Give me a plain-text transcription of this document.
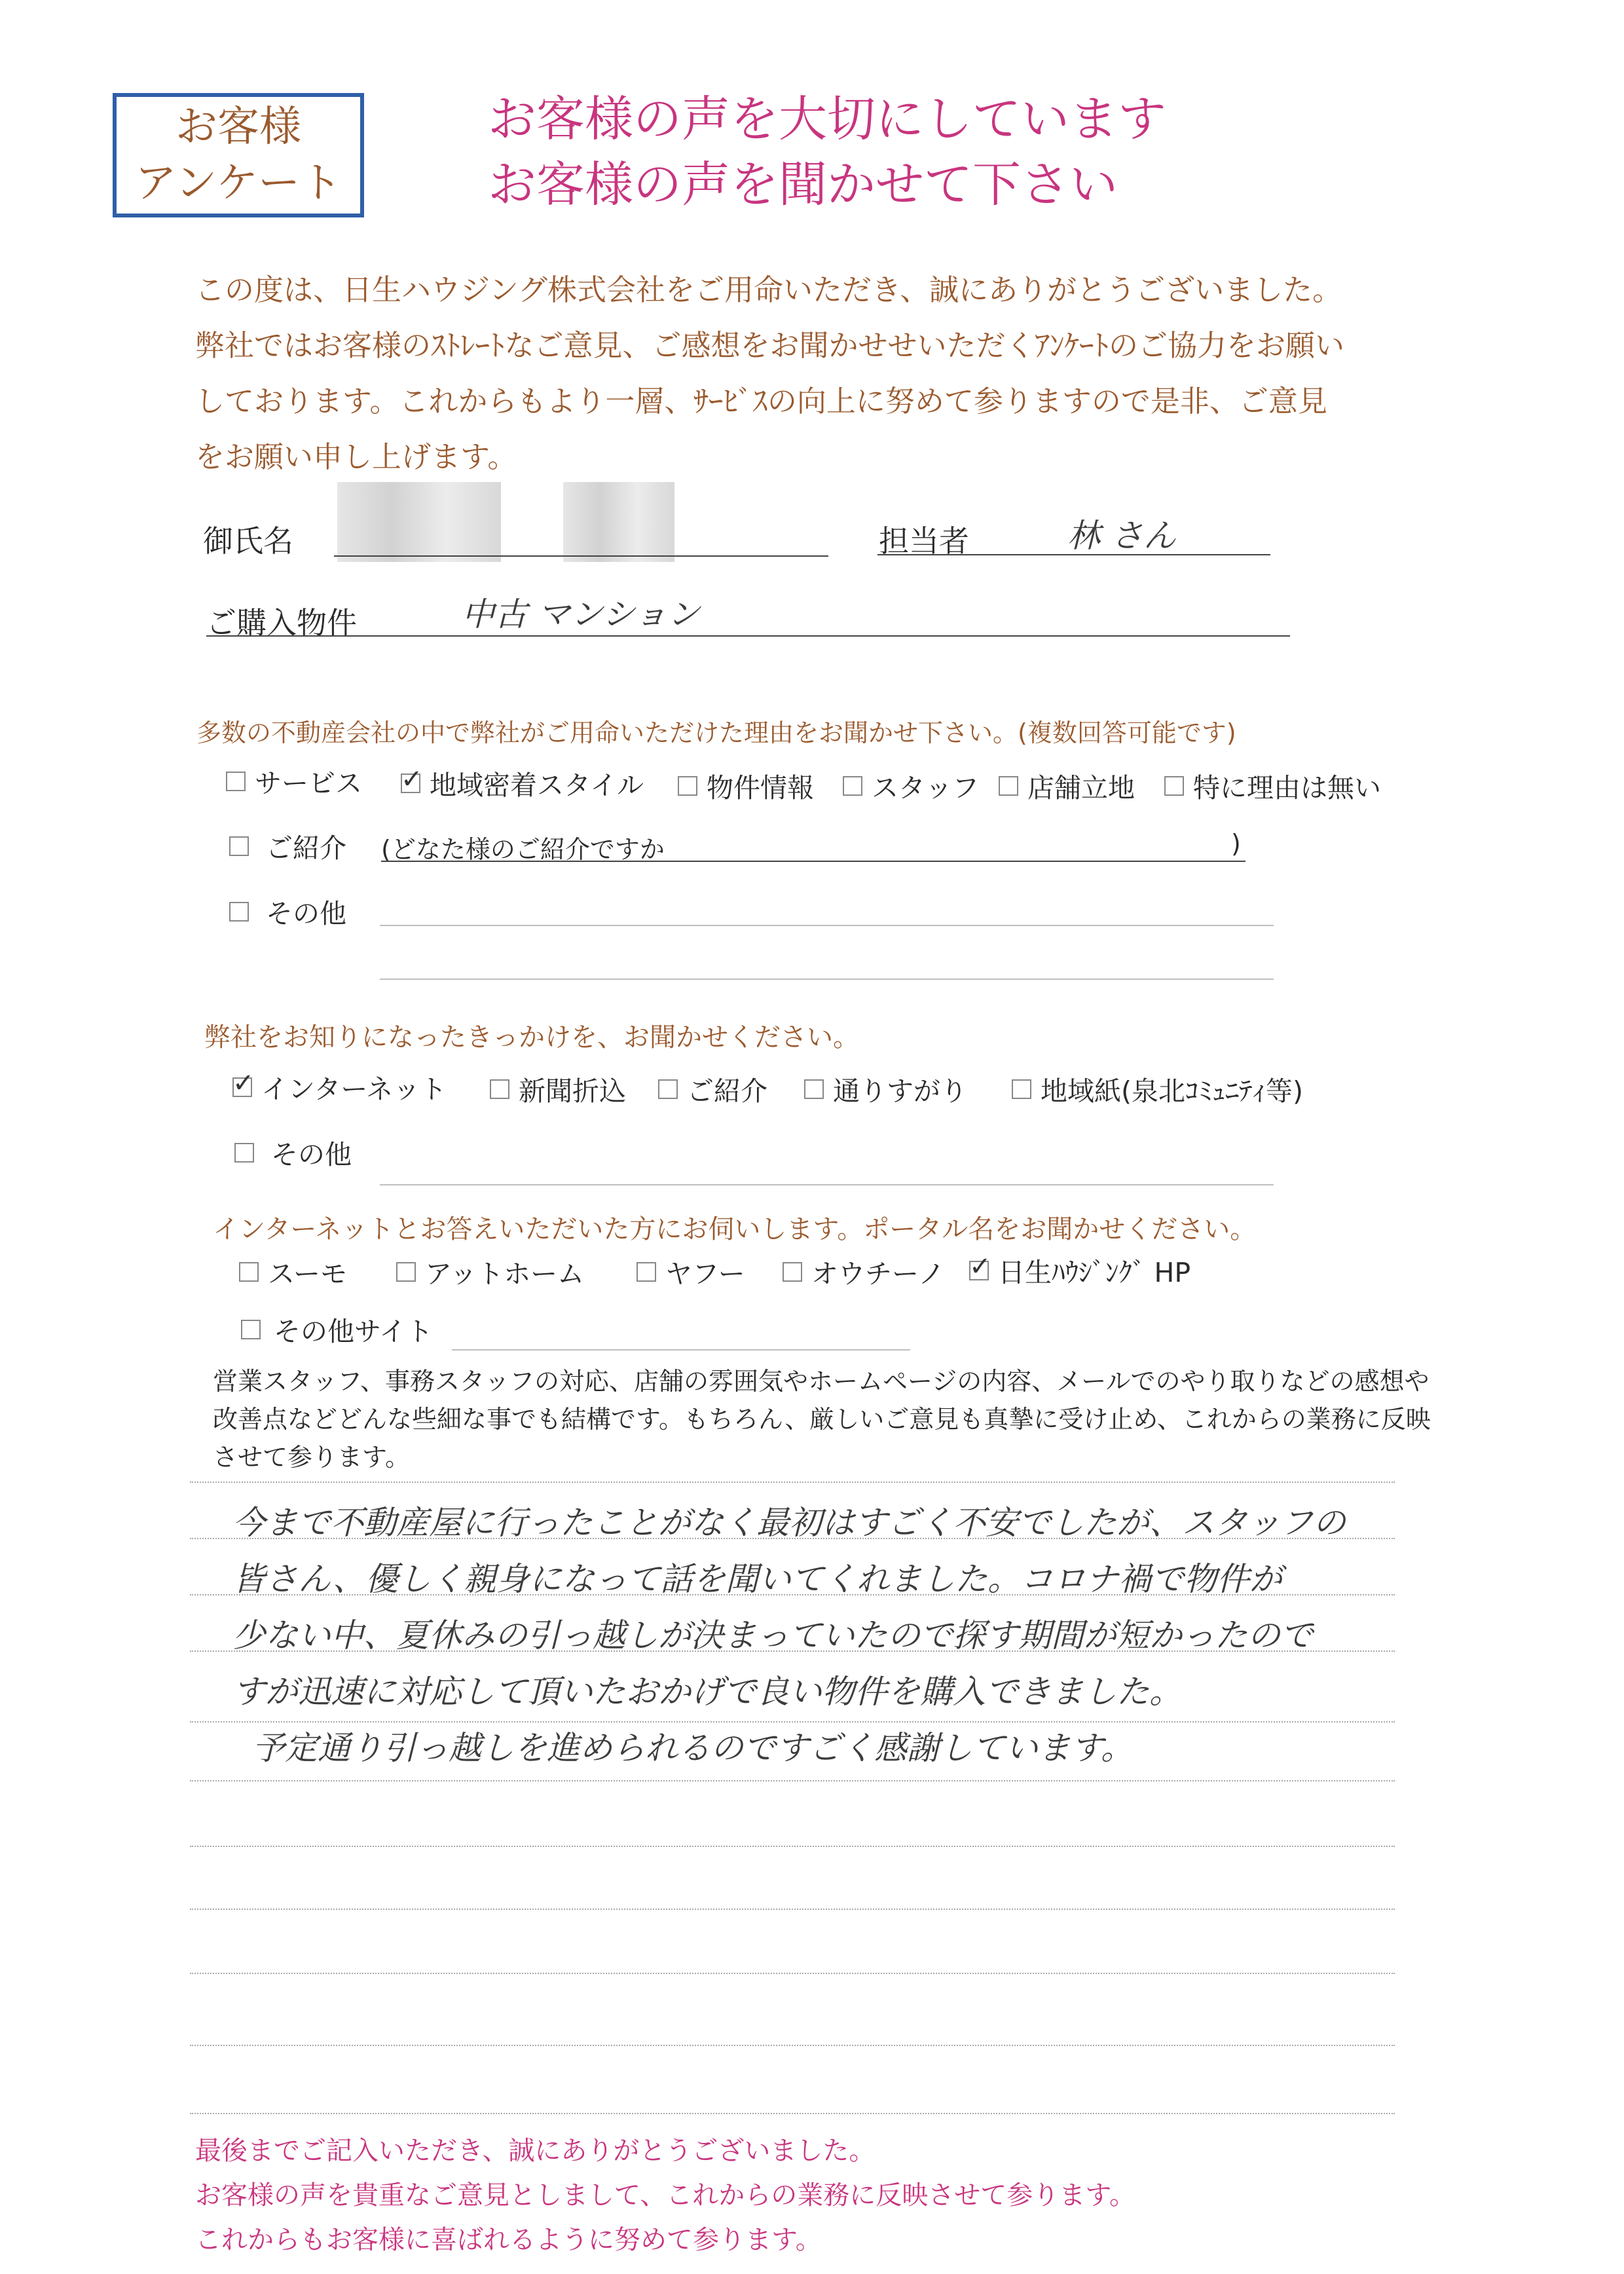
お客様
アンケート
お客様の声を大切にしています
お客様の声を聞かせて下さい
この度は、日生ハウジング株式会社をご用命いただき、誠にありがとうございました。
弊社ではお客様のｽﾄﾚｰﾄなご意見、ご感想をお聞かせせいただくｱﾝｹｰﾄのご協力をお願い
しております。これからもより一層、ｻｰﾋﾞｽの向上に努めて参りますので是非、ご意見
をお願い申し上げます。
御氏名	担当者	林 さん
ご購入物件	中古 マンション
多数の不動産会社の中で弊社がご用命いただけた理由をお聞かせ下さい。(複数回答可能です)
サービス ✓	地域密着スタイル 物件情報 スタッフ 店舗立地 特に理由は無い
ご紹介 (どなた様のご紹介ですか	)
その他
弊社をお知りになったきっかけを、お聞かせください。
✓
インターネット	新聞折込 ご紹介 通りすがり	地域紙(泉北ｺﾐｭﾆﾃｨ等)
その他
インターネットとお答えいただいた方にお伺いします。ポータル名をお聞かせください。
スーモ	アットホーム	ヤフー オウチーノ ✓ 日生ﾊｳｼﾞﾝｸﾞ HP
その他サイト
営業スタッフ、事務スタッフの対応、店舗の雰囲気やホームページの内容、メールでのやり取りなどの感想や
改善点などどんな些細な事でも結構です。もちろん、厳しいご意見も真摯に受け止め、これからの業務に反映
させて参ります。
今まで不動産屋に行ったことがなく最初はすごく不安でしたが、スタッフの
皆さん、優しく親身になって話を聞いてくれました。コロナ禍で物件が
少ない中、夏休みの引っ越しが決まっていたので探す期間が短かったので
すが迅速に対応して頂いたおかげで良い物件を購入できました。
予定通り引っ越しを進められるのですごく感謝しています。
最後までご記入いただき、誠にありがとうございました。
お客様の声を貴重なご意見としまして、これからの業務に反映させて参ります。
これからもお客様に喜ばれるように努めて参ります。
